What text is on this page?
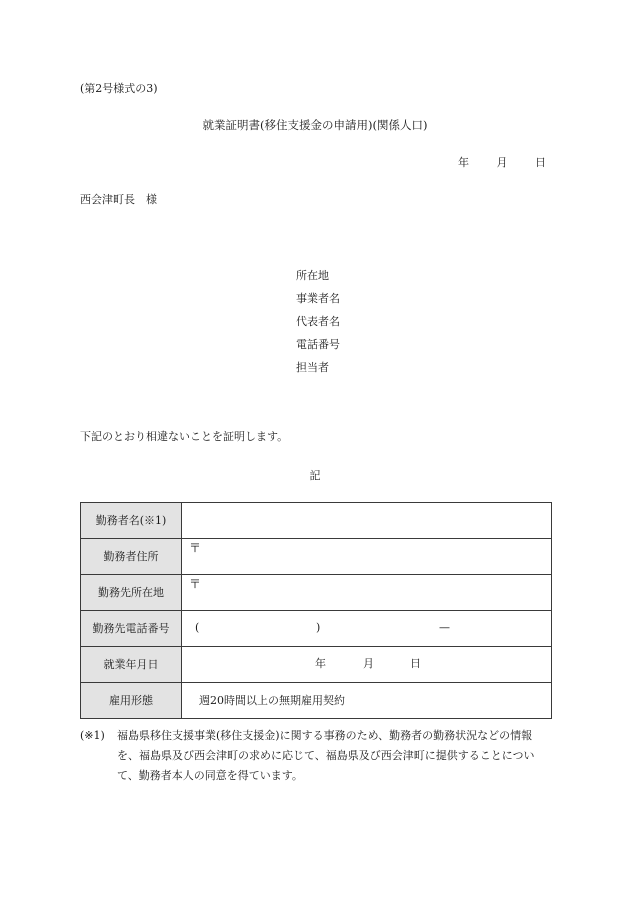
(第2号様式の3)
就業証明書(移住支援金の申請用)(関係人口)
年	月	日
西会津町長　様
所在地
事業者名
代表者名
電話番号
担当者
下記のとおり相違ないことを証明します。
記
勤務者名(※1)	
勤務者住所	〒

勤務先所在地	〒

勤務先電話番号	( ) —

就業年月日	年 月 日

雇用形態	週20時間以上の無期雇用契約
(※1) 福島県移住支援事業(移住支援金)に関する事務のため、勤務者の勤務状況などの情報を、福島県及び西会津町の求めに応じて、福島県及び西会津町に提供することについて、勤務者本人の同意を得ています。
